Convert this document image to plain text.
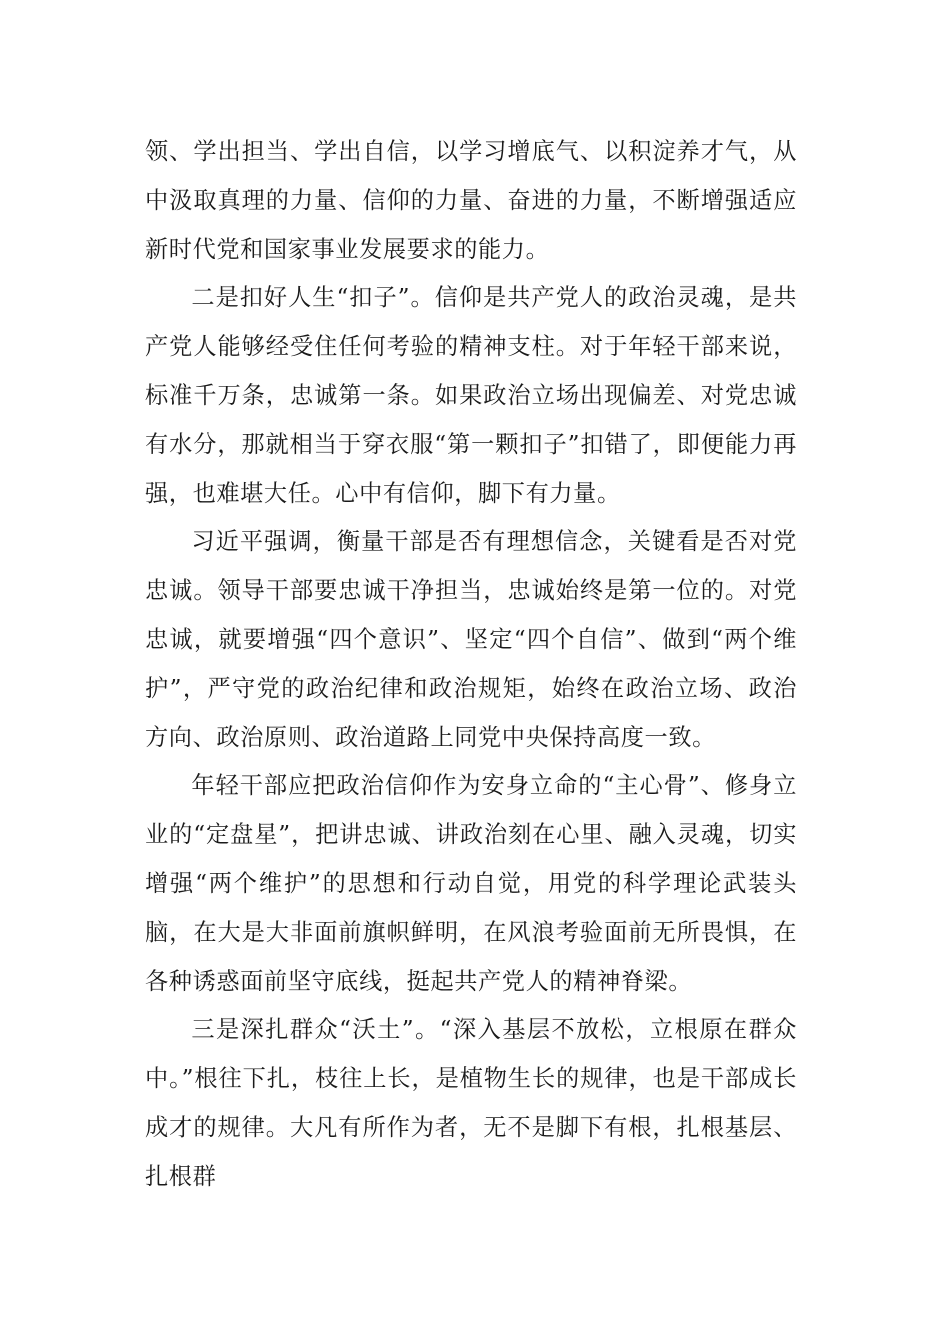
领、学出担当、学出自信，以学习增底气、以积淀养才气，从中汲取真理的力量、信仰的力量、奋进的力量，不断增强适应新时代党和国家事业发展要求的能力。

二是扣好人生“扣子”。信仰是共产党人的政治灵魂，是共产党人能够经受住任何考验的精神支柱。对于年轻干部来说，标准千万条，忠诚第一条。如果政治立场出现偏差、对党忠诚有水分，那就相当于穿衣服“第一颗扣子”扣错了，即便能力再强，也难堪大任。心中有信仰，脚下有力量。

习近平强调，衡量干部是否有理想信念，关键看是否对党忠诚。领导干部要忠诚干净担当，忠诚始终是第一位的。对党忠诚，就要增强“四个意识”、坚定“四个自信”、做到“两个维护”，严守党的政治纪律和政治规矩，始终在政治立场、政治方向、政治原则、政治道路上同党中央保持高度一致。

年轻干部应把政治信仰作为安身立命的“主心骨”、修身立业的“定盘星”，把讲忠诚、讲政治刻在心里、融入灵魂，切实增强“两个维护”的思想和行动自觉，用党的科学理论武装头脑，在大是大非面前旗帜鲜明，在风浪考验面前无所畏惧，在各种诱惑面前坚守底线，挺起共产党人的精神脊梁。

三是深扎群众“沃土”。“深入基层不放松，立根原在群众中。”根往下扎，枝往上长，是植物生长的规律，也是干部成长成才的规律。大凡有所作为者，无不是脚下有根，扎根基层、扎根群
